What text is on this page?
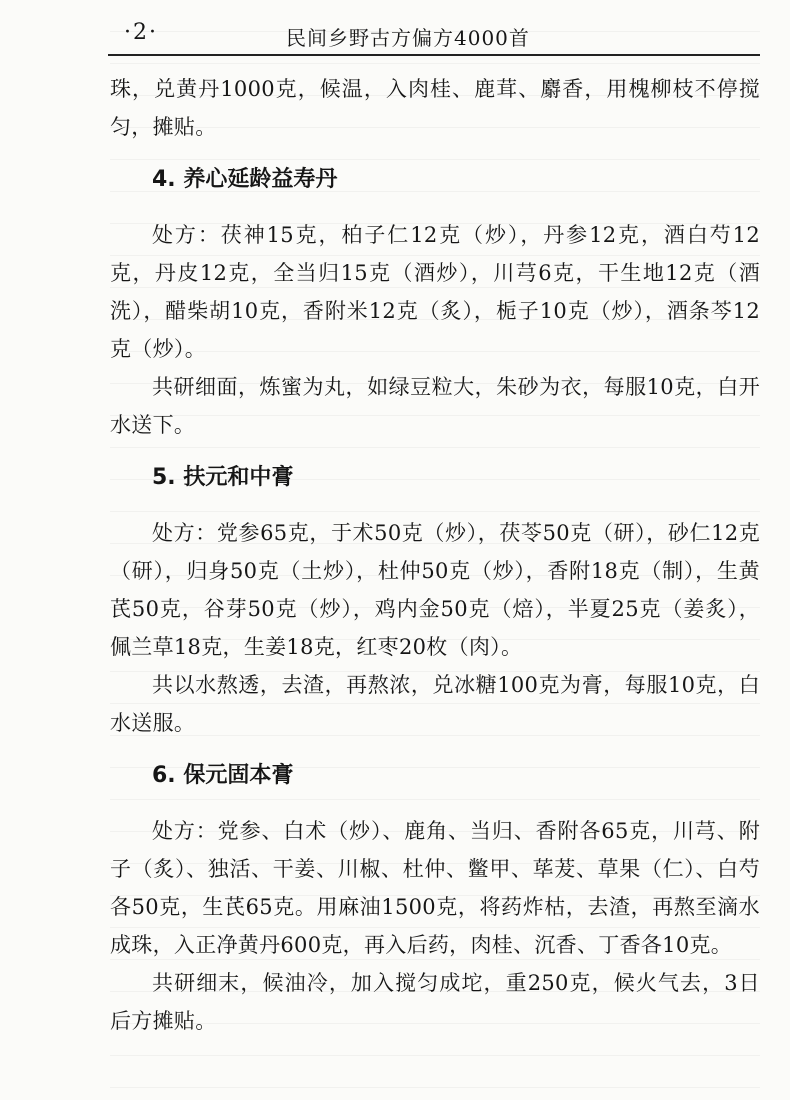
·2·	民间乡野古方偏方4000首

珠，兑黄丹1000克，候温，入肉桂、鹿茸、麝香，用槐柳枝不停搅匀，摊贴。

4. 养心延龄益寿丹

处方：茯神15克，柏子仁12克（炒），丹参12克，酒白芍12克，丹皮12克，全当归15克（酒炒），川芎6克，干生地12克（酒洗），醋柴胡10克，香附米12克（炙），栀子10克（炒），酒条芩12克（炒）。

共研细面，炼蜜为丸，如绿豆粒大，朱砂为衣，每服10克，白开水送下。

5. 扶元和中膏

处方：党参65克，于术50克（炒），茯苓50克（研），砂仁12克（研），归身50克（土炒），杜仲50克（炒），香附18克（制），生黄芪50克，谷芽50克（炒），鸡内金50克（焙），半夏25克（姜炙），佩兰草18克，生姜18克，红枣20枚（肉）。

共以水熬透，去渣，再熬浓，兑冰糖100克为膏，每服10克，白水送服。

6. 保元固本膏

处方：党参、白术（炒）、鹿角、当归、香附各65克，川芎、附子（炙）、独活、干姜、川椒、杜仲、鳖甲、荜茇、草果（仁）、白芍各50克，生芪65克。用麻油1500克，将药炸枯，去渣，再熬至滴水成珠，入正净黄丹600克，再入后药，肉桂、沉香、丁香各10克。

共研细末，候油冷，加入搅匀成坨，重250克，候火气去，3日后方摊贴。
